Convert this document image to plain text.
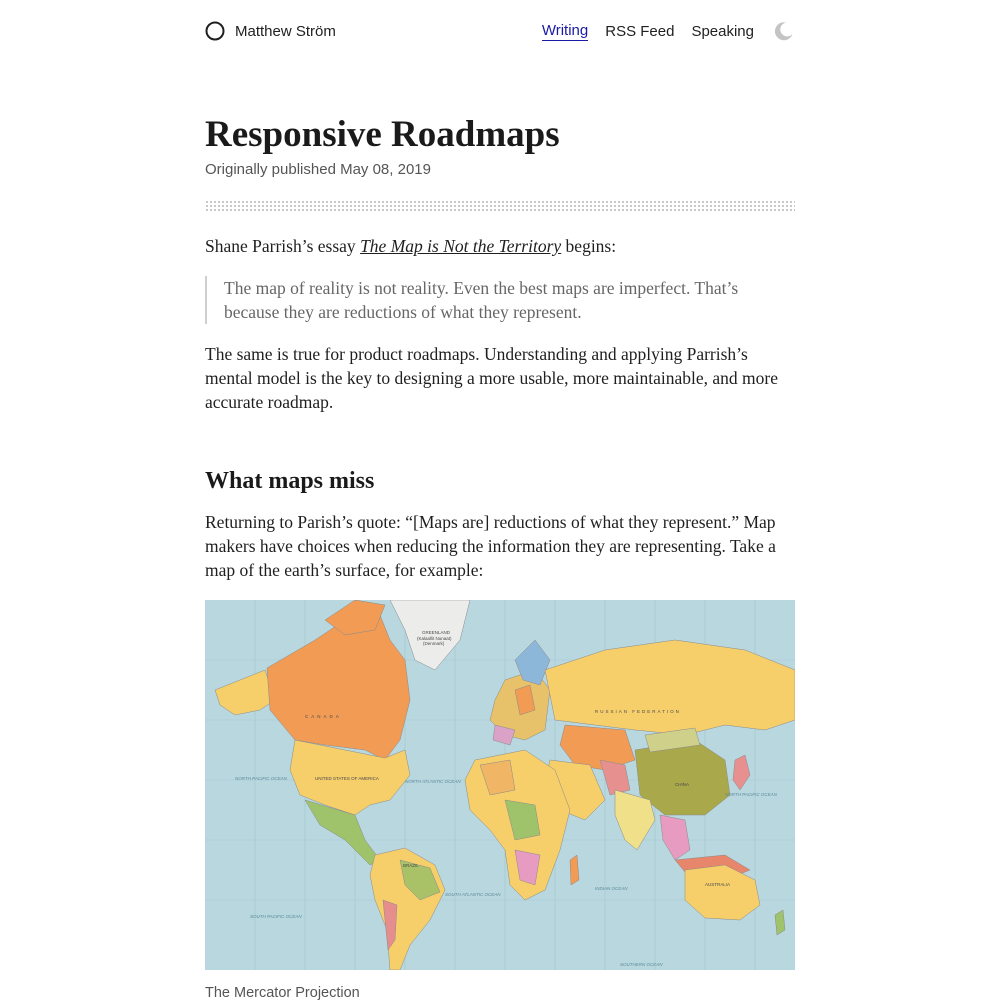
Matthew Ström	Writing RSS Feed Speaking
Responsive Roadmaps
Originally published May 08, 2019

Shane Parrish’s essay The Map is Not the Territory begins:

The map of reality is not reality. Even the best maps are imperfect. That’s because they are reductions of what they represent.

The same is true for product roadmaps. Understanding and applying Parrish’s mental model is the key to designing a more usable, more maintainable, and more accurate roadmap.

What maps miss

Returning to Parish’s quote: “[Maps are] reductions of what they represent.” Map makers have choices when reducing the information they are representing. Take a map of the earth’s surface, for example:

GREENLAND
(Kalaallit Nunaat)
(Denmark)
CANADA
RUSSIAN FEDERATION
UNITED STATES OF AMERICA
CHINA
BRAZIL
AUSTRALIA
NORTH PACIFIC OCEAN
NORTH PACIFIC OCEAN
NORTH ATLANTIC OCEAN
SOUTH PACIFIC OCEAN
SOUTH ATLANTIC OCEAN
INDIAN OCEAN
SOUTHERN OCEAN
The Mercator Projection
